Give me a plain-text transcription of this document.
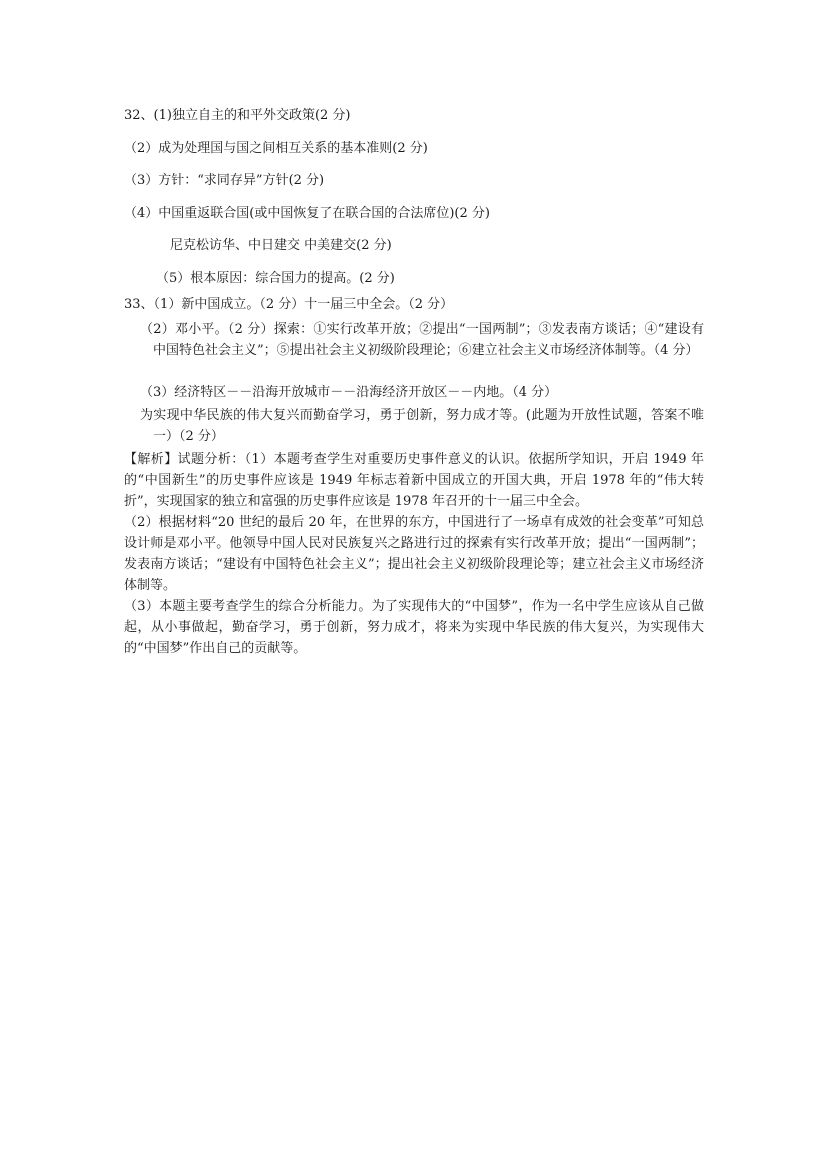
32、(1)独立自主的和平外交政策(2 分)
（2）成为处理国与国之间相互关系的基本准则(2 分)
（3）方针：“求同存异”方针(2 分)
（4）中国重返联合国(或中国恢复了在联合国的合法席位)(2 分)
尼克松访华、中日建交 中美建交(2 分)
（5）根本原因：综合国力的提高。(2 分)
33、（1）新中国成立。（2 分）十一届三中全会。（2 分）

（2）邓小平。（2 分）探索：①实行改革开放；②提出“一国两制”；③发表南方谈话；④“建设有中国特色社会主义”；⑤提出社会主义初级阶段理论；⑥建立社会主义市场经济体制等。（4 分）

（3）经济特区－－沿海开放城市－－沿海经济开放区－－内地。（4 分）

为实现中华民族的伟大复兴而勤奋学习，勇于创新，努力成才等。(此题为开放性试题，答案不唯一）（2 分）

【解析】试题分析：（1）本题考查学生对重要历史事件意义的认识。依据所学知识，开启 1949 年的“中国新生”的历史事件应该是 1949 年标志着新中国成立的开国大典，开启 1978 年的“伟大转折”，实现国家的独立和富强的历史事件应该是 1978 年召开的十一届三中全会。

（2）根据材料“20 世纪的最后 20 年，在世界的东方，中国进行了一场卓有成效的社会变革”可知总设计师是邓小平。他领导中国人民对民族复兴之路进行过的探索有实行改革开放；提出“一国两制”；发表南方谈话；“建设有中国特色社会主义”；提出社会主义初级阶段理论等；建立社会主义市场经济体制等。

（3）本题主要考查学生的综合分析能力。为了实现伟大的“中国梦”，作为一名中学生应该从自己做起，从小事做起，勤奋学习，勇于创新，努力成才，将来为实现中华民族的伟大复兴，为实现伟大的“中国梦”作出自己的贡献等。
